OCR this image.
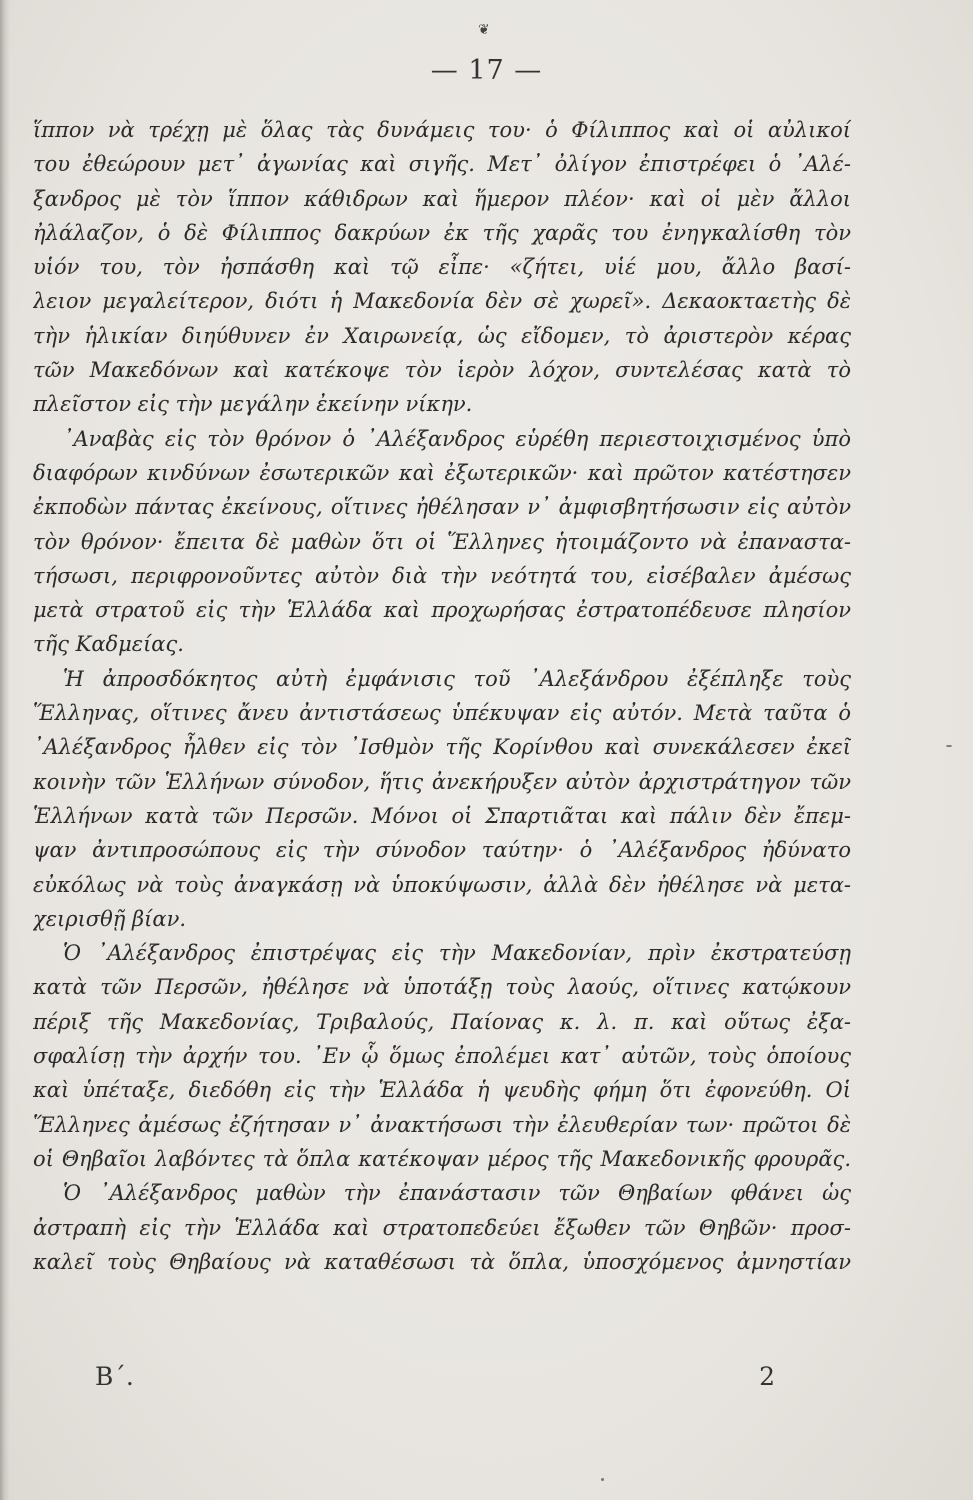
❦
— 17 —
ἵππον νὰ τρέχῃ μὲ ὅλας τὰς δυνάμεις του· ὁ Φίλιππος καὶ οἱ αὐλικοί
του ἐθεώρουν μετ᾽ ἀγωνίας καὶ σιγῆς. Μετ᾽ ὀλίγον ἐπιστρέφει ὁ ᾽Αλέ-
ξανδρος μὲ τὸν ἵππον κάθιδρων καὶ ἥμερον πλέον· καὶ οἱ μὲν ἄλλοι
ἠλάλαζον, ὁ δὲ Φίλιππος δακρύων ἐκ τῆς χαρᾶς του ἐνηγκαλίσθη τὸν
υἱόν του, τὸν ἠσπάσθη καὶ τῷ εἶπε· «ζήτει, υἱέ μου, ἄλλο βασί-
λειον μεγαλείτερον, διότι ἡ Μακεδονία δὲν σὲ χωρεῖ». Δεκαοκταετὴς δὲ
τὴν ἡλικίαν διηύθυνεν ἐν Χαιρωνείᾳ, ὡς εἴδομεν, τὸ ἀριστερὸν κέρας
τῶν Μακεδόνων καὶ κατέκοψε τὸν ἱερὸν λόχον, συντελέσας κατὰ τὸ
πλεῖστον εἰς τὴν μεγάλην ἐκείνην νίκην.
᾽Αναβὰς εἰς τὸν θρόνον ὁ ᾽Αλέξανδρος εὑρέθη περιεστοιχισμένος ὑπὸ
διαφόρων κινδύνων ἐσωτερικῶν καὶ ἐξωτερικῶν· καὶ πρῶτον κατέστησεν
ἐκποδὼν πάντας ἐκείνους, οἵτινες ἠθέλησαν ν᾽ ἀμφισβητήσωσιν εἰς αὐτὸν
τὸν θρόνον· ἔπειτα δὲ μαθὼν ὅτι οἱ Ἕλληνες ἡτοιμάζοντο νὰ ἐπαναστα-
τήσωσι, περιφρονοῦντες αὐτὸν διὰ τὴν νεότητά του, εἰσέβαλεν ἀμέσως
μετὰ στρατοῦ εἰς τὴν Ἑλλάδα καὶ προχωρήσας ἐστρατοπέδευσε πλησίον
τῆς Καδμείας.
Ἡ ἀπροσδόκητος αὐτὴ ἐμφάνισις τοῦ ᾽Αλεξάνδρου ἐξέπληξε τοὺς
Ἕλληνας, οἵτινες ἄνευ ἀντιστάσεως ὑπέκυψαν εἰς αὐτόν. Μετὰ ταῦτα ὁ
᾽Αλέξανδρος ἦλθεν εἰς τὸν ᾽Ισθμὸν τῆς Κορίνθου καὶ συνεκάλεσεν ἐκεῖ
κοινὴν τῶν Ἑλλήνων σύνοδον, ἥτις ἀνεκήρυξεν αὐτὸν ἀρχιστράτηγον τῶν
Ἑλλήνων κατὰ τῶν Περσῶν. Μόνοι οἱ Σπαρτιᾶται καὶ πάλιν δὲν ἔπεμ-
ψαν ἀντιπροσώπους εἰς τὴν σύνοδον ταύτην· ὁ ᾽Αλέξανδρος ἠδύνατο
εὐκόλως νὰ τοὺς ἀναγκάσῃ νὰ ὑποκύψωσιν, ἀλλὰ δὲν ἠθέλησε νὰ μετα-
χειρισθῇ βίαν.
Ὁ ᾽Αλέξανδρος ἐπιστρέψας εἰς τὴν Μακεδονίαν, πρὶν ἐκστρατεύσῃ
κατὰ τῶν Περσῶν, ἠθέλησε νὰ ὑποτάξῃ τοὺς λαούς, οἵτινες κατῴκουν
πέριξ τῆς Μακεδονίας, Τριβαλούς, Παίονας κ. λ. π. καὶ οὕτως ἐξα-
σφαλίσῃ τὴν ἀρχήν του. ᾽Εν ᾧ ὅμως ἐπολέμει κατ᾽ αὐτῶν, τοὺς ὁποίους
καὶ ὑπέταξε, διεδόθη εἰς τὴν Ἑλλάδα ἡ ψευδὴς φήμη ὅτι ἐφονεύθη. Οἱ
Ἕλληνες ἀμέσως ἐζήτησαν ν᾽ ἀνακτήσωσι τὴν ἐλευθερίαν των· πρῶτοι δὲ
οἱ Θηβαῖοι λαβόντες τὰ ὅπλα κατέκοψαν μέρος τῆς Μακεδονικῆς φρουρᾶς.
Ὁ ᾽Αλέξανδρος μαθὼν τὴν ἐπανάστασιν τῶν Θηβαίων φθάνει ὡς
ἀστραπὴ εἰς τὴν Ἑλλάδα καὶ στρατοπεδεύει ἔξωθεν τῶν Θηβῶν· προσ-
καλεῖ τοὺς Θηβαίους νὰ καταθέσωσι τὰ ὅπλα, ὑποσχόμενος ἀμνηστίαν
Β΄.	2
